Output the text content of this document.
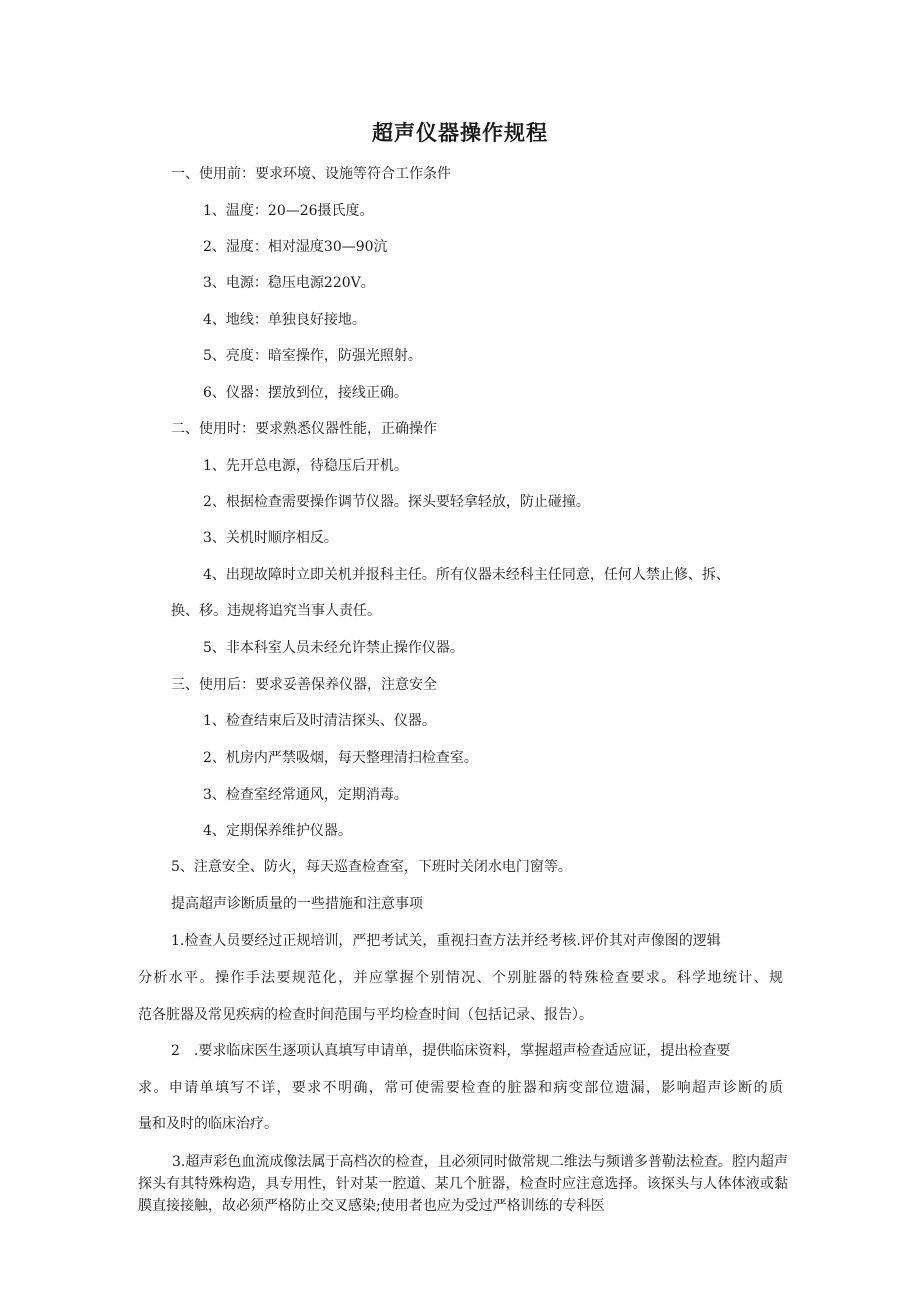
超声仪器操作规程

一、使用前：要求环境、设施等符合工作条件

1、温度：20—26摄氏度。

2、湿度：相对湿度30—90沆

3、电源：稳压电源220V。

4、地线：单独良好接地。

5、亮度：暗室操作，防强光照射。

6、仪器：摆放到位，接线正确。

二、使用时：要求熟悉仪器性能，正确操作

1、先开总电源，待稳压后开机。

2、根据检查需要操作调节仪器。探头要轻拿轻放，防止碰撞。

3、关机时顺序相反。

4、出现故障时立即关机并报科主任。所有仪器未经科主任同意，任何人禁止修、拆、

换、移。违规将追究当事人责任。

5、非本科室人员未经允许禁止操作仪器。

三、使用后：要求妥善保养仪器，注意安全

1、检查结束后及时清洁探头、仪器。

2、机房内严禁吸烟，每天整理清扫检查室。

3、检查室经常通风，定期消毒。

4、定期保养维护仪器。

5、注意安全、防火，每天巡查检查室，下班时关闭水电门窗等。

提高超声诊断质量的一些措施和注意事项

1.检查人员要经过正规培训，严把考试关，重视扫查方法并经考核.评价其对声像图的逻辑

分析水平。操作手法要规范化，并应掌握个别情况、个别脏器的特殊检查要求。科学地统计、规

范各脏器及常见疾病的检查时间范围与平均检查时间（包括记录、报告）。

2　.要求临床医生逐项认真填写申请单，提供临床资料，掌握超声检查适应证，提出检查要

求。申请单填写不详，要求不明确，常可使需要检查的脏器和病变部位遗漏，影响超声诊断的质

量和及时的临床治疗。

3.超声彩色血流成像法属于高档次的检查，且必须同时做常规二维法与频谱多普勒法检查。腔内超声探头有其特殊构造，具专用性，针对某一腔道、某几个脏器，检查时应注意选择。该探头与人体体液或黏膜直接接触，故必须严格防止交叉感染;使用者也应为受过严格训练的专科医
